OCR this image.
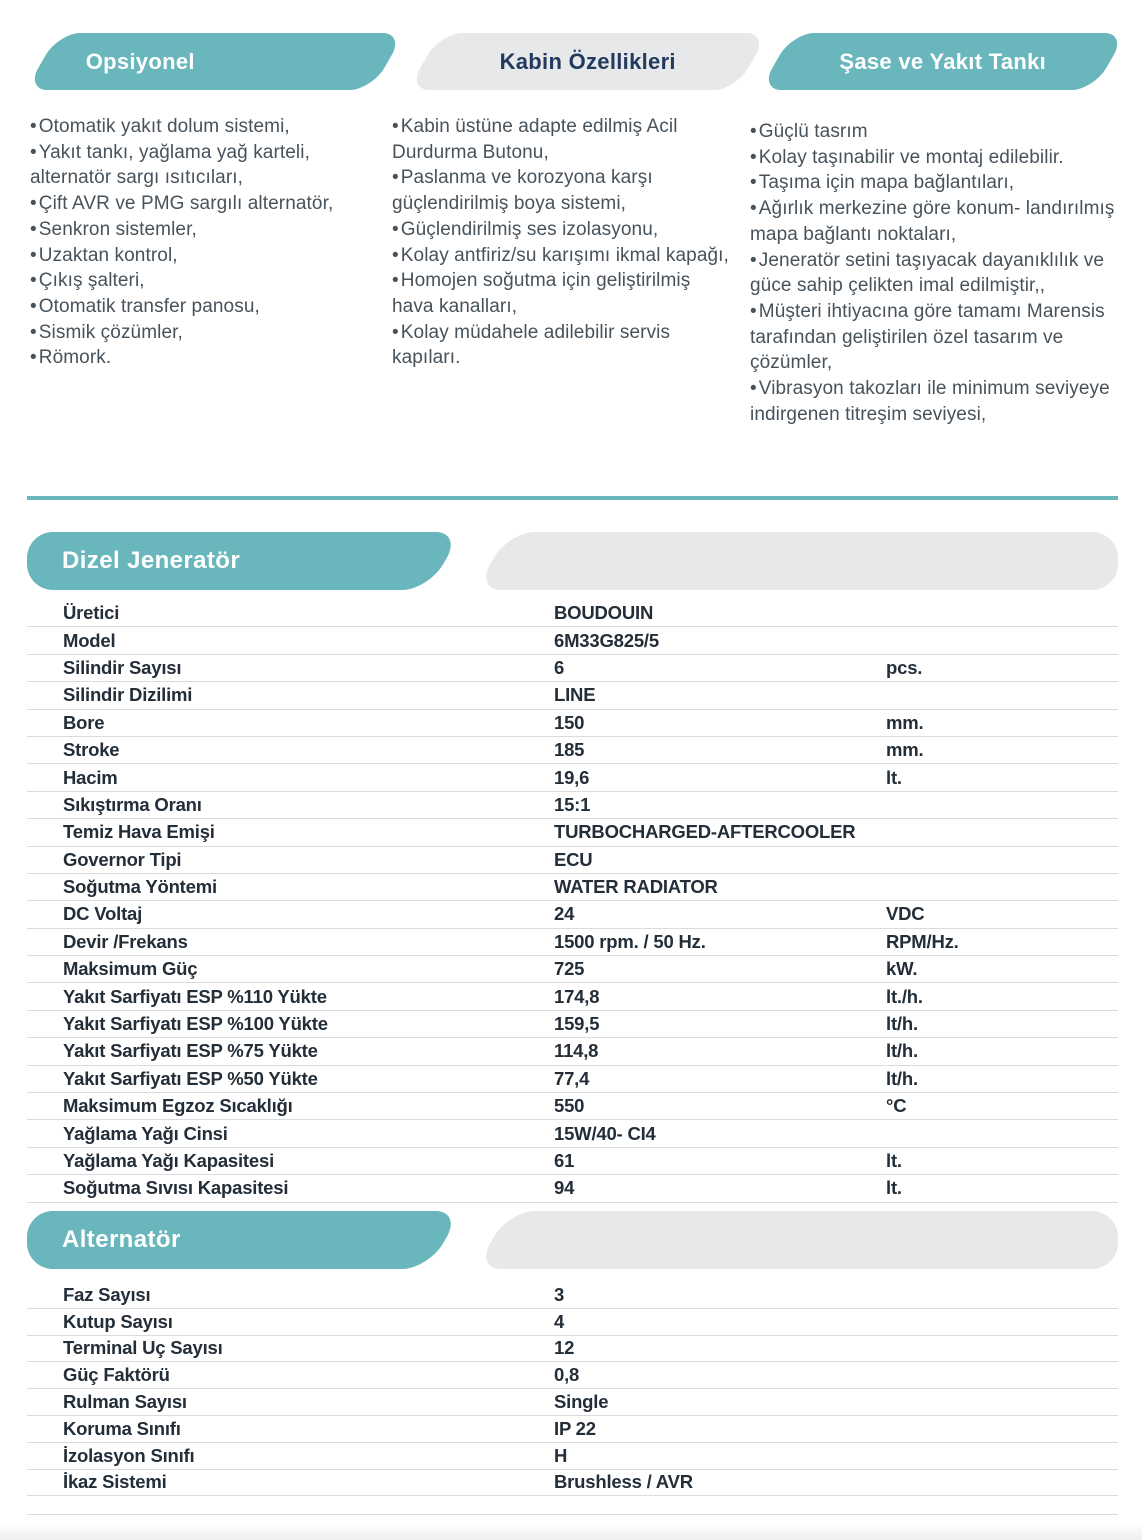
Opsiyonel	Kabin Özellikleri	Şase ve Yakıt Tankı
• Otomatik yakıt dolum sistemi,
• Yakıt tankı, yağlama yağ karteli, alternatör sargı ısıtıcıları,
• Çift AVR ve PMG sargılı alternatör,
• Senkron sistemler,
• Uzaktan kontrol,
• Çıkış şalteri,
• Otomatik transfer panosu,
• Sismik çözümler,
• Römork.
• Kabin üstüne adapte edilmiş Acil Durdurma Butonu,
• Paslanma ve korozyona karşı güçlendirilmiş boya sistemi,
• Güçlendirilmiş ses izolasyonu,
• Kolay antfiriz/su karışımı ikmal kapağı,
• Homojen soğutma için geliştirilmiş hava kanalları,
• Kolay müdahele adilebilir servis kapıları.
• Güçlü tasrım
• Kolay taşınabilir ve montaj edilebilir.
• Taşıma için mapa bağlantıları,
• Ağırlık merkezine göre konum- landırılmış mapa bağlantı noktaları,
• Jeneratör setini taşıyacak dayanıklılık ve güce sahip çelikten imal edilmiştir,,
• Müşteri ihtiyacına göre tamamı Marensis tarafından geliştirilen özel tasarım ve çözümler,
• Vibrasyon takozları ile minimum seviyeye indirgenen titreşim seviyesi,
Dizel Jeneratör
Üretici	BOUDOUIN
Model	6M33G825/5
Silindir Sayısı	6	pcs.
Silindir Dizilimi	LINE
Bore	150	mm.
Stroke	185	mm.
Hacim	19,6	lt.
Sıkıştırma Oranı	15:1
Temiz Hava Emişi	TURBOCHARGED-AFTERCOOLER
Governor Tipi	ECU
Soğutma Yöntemi	WATER RADIATOR
DC Voltaj	24	VDC
Devir /Frekans	1500 rpm. / 50 Hz.	RPM/Hz.
Maksimum Güç	725	kW.
Yakıt Sarfiyatı ESP %110 Yükte	174,8	lt./h.
Yakıt Sarfiyatı ESP %100 Yükte	159,5	lt/h.
Yakıt Sarfiyatı ESP %75 Yükte	114,8	lt/h.
Yakıt Sarfiyatı ESP %50 Yükte	77,4	lt/h.
Maksimum Egzoz Sıcaklığı	550	°C
Yağlama Yağı Cinsi	15W/40- CI4
Yağlama Yağı Kapasitesi	61	lt.
Soğutma Sıvısı Kapasitesi	94	lt.
Alternatör
Faz Sayısı	3
Kutup Sayısı	4
Terminal Uç Sayısı	12
Güç Faktörü	0,8
Rulman Sayısı	Single
Koruma Sınıfı	IP 22
İzolasyon Sınıfı	H
İkaz Sistemi	Brushless / AVR
